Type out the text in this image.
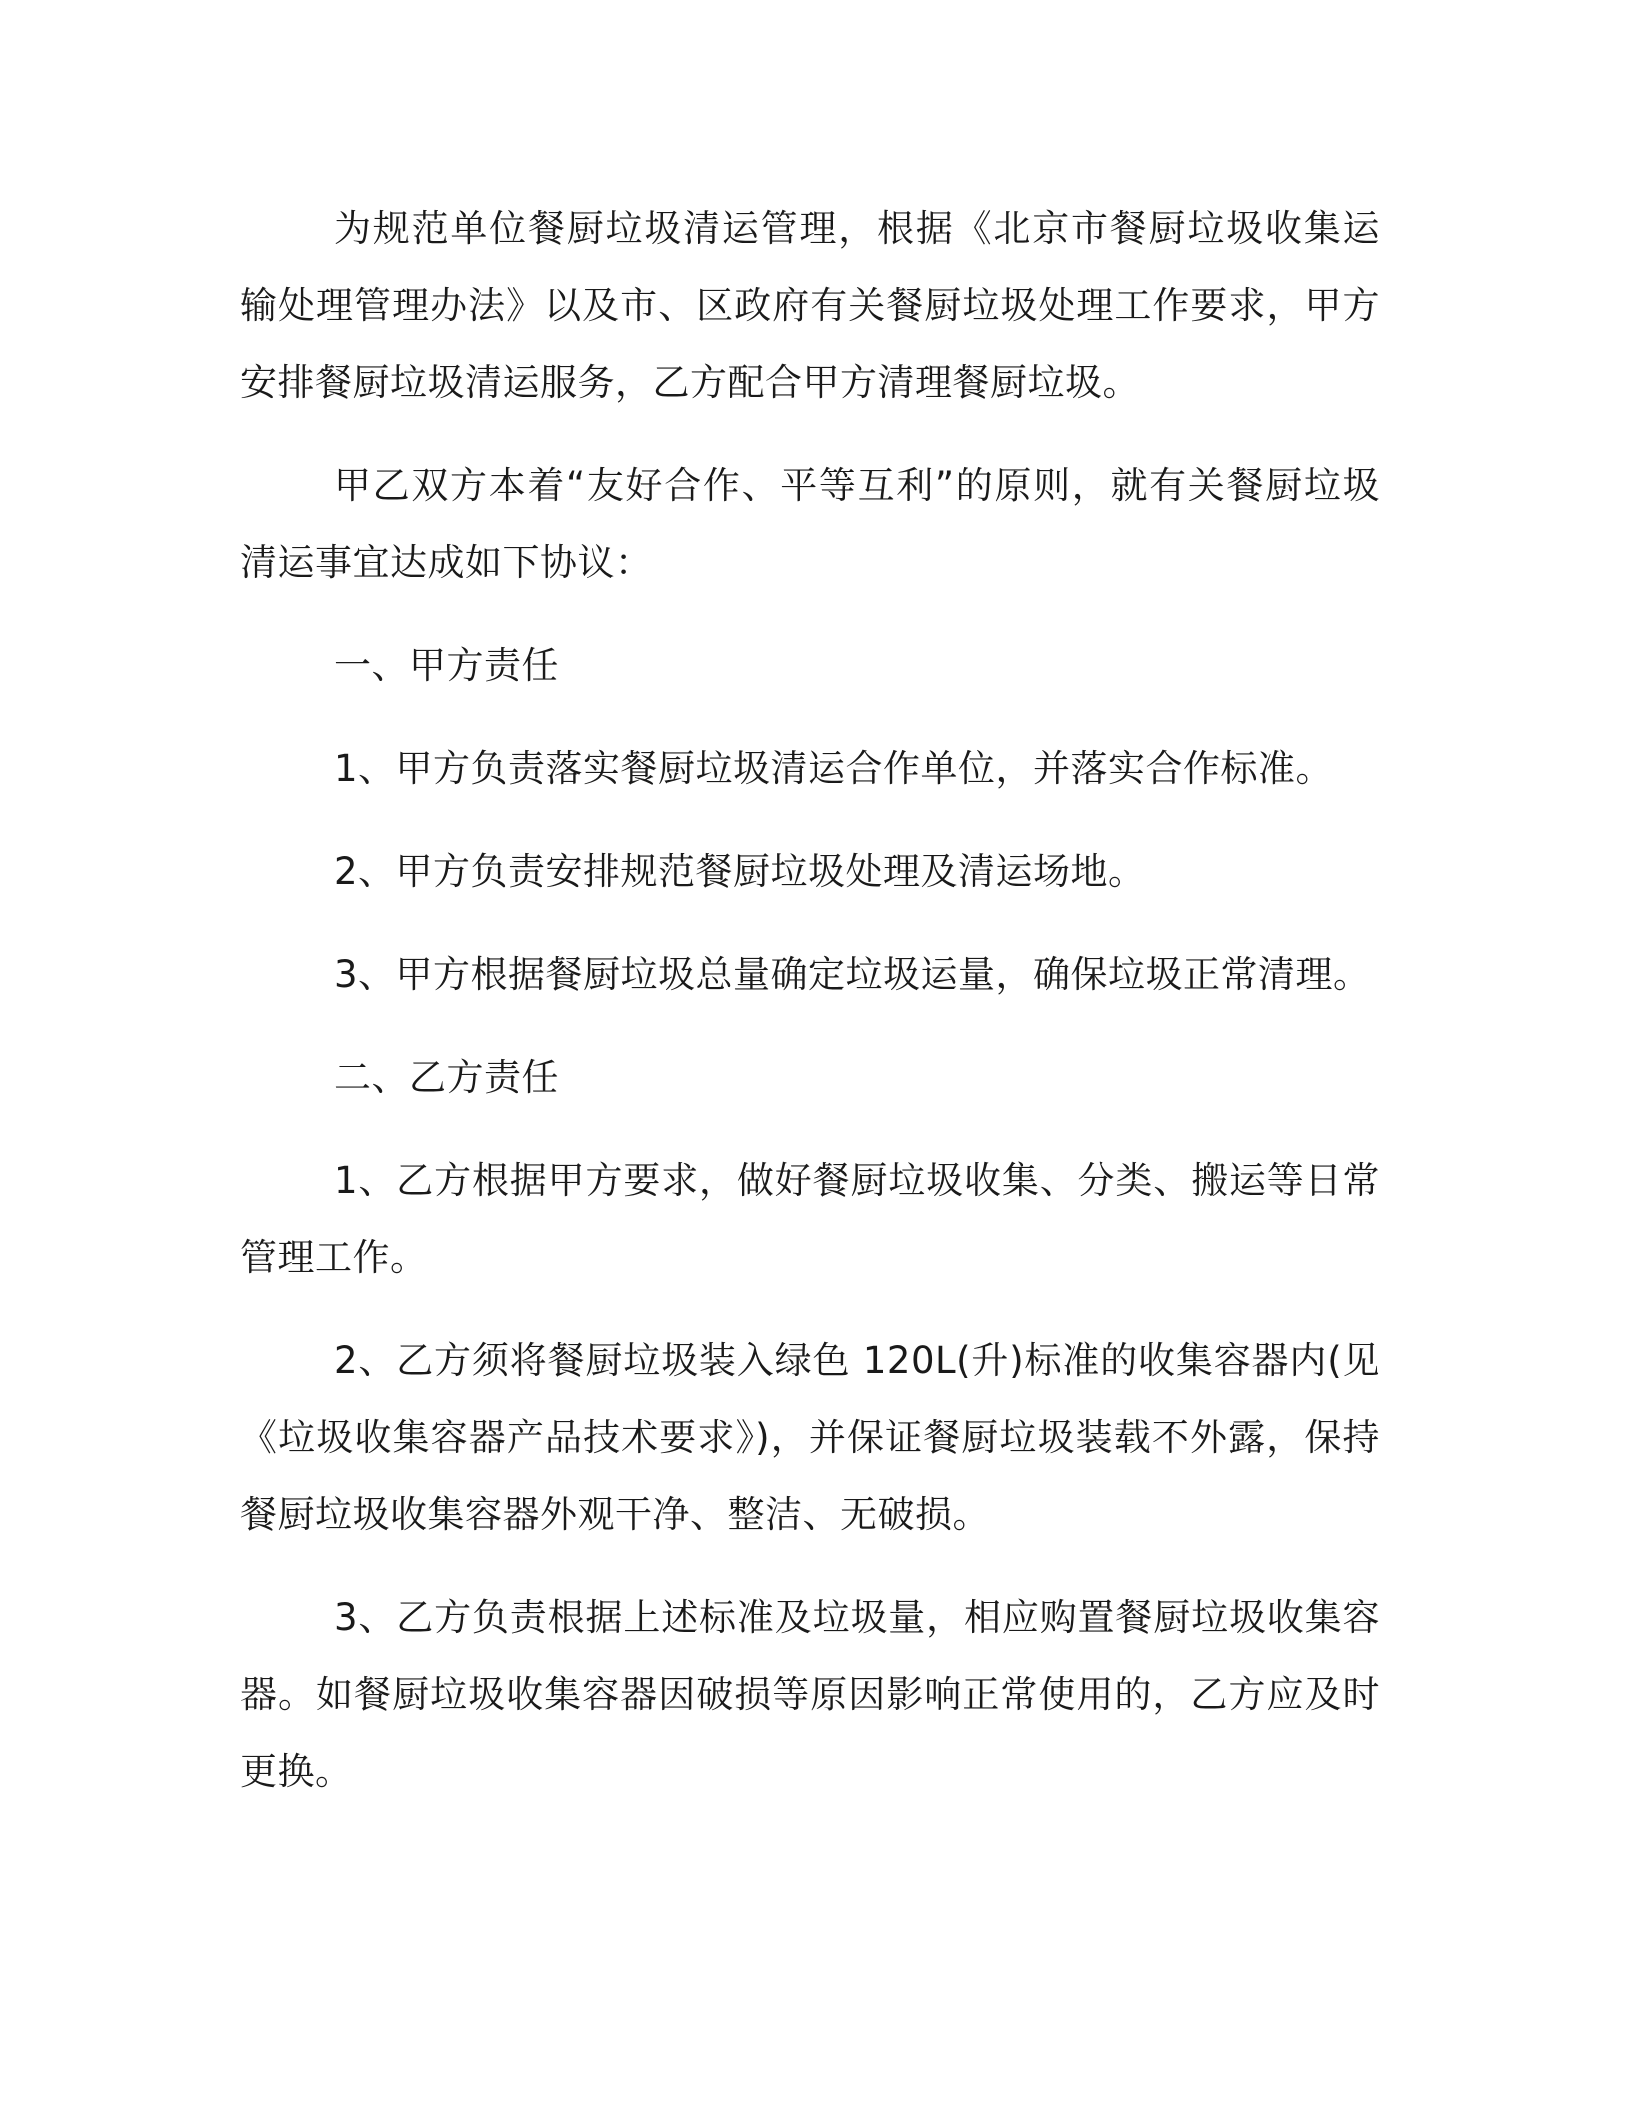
为规范单位餐厨垃圾清运管理，根据《北京市餐厨垃圾收集运输处理管理办法》以及市、区政府有关餐厨垃圾处理工作要求，甲方安排餐厨垃圾清运服务，乙方配合甲方清理餐厨垃圾。

甲乙双方本着“友好合作、平等互利”的原则，就有关餐厨垃圾清运事宜达成如下协议：

一、甲方责任

1、甲方负责落实餐厨垃圾清运合作单位，并落实合作标准。

2、甲方负责安排规范餐厨垃圾处理及清运场地。

3、甲方根据餐厨垃圾总量确定垃圾运量，确保垃圾正常清理。

二、乙方责任

1、乙方根据甲方要求，做好餐厨垃圾收集、分类、搬运等日常管理工作。

2、乙方须将餐厨垃圾装入绿色 120L(升)标准的收集容器内(见《垃圾收集容器产品技术要求》)，并保证餐厨垃圾装载不外露，保持餐厨垃圾收集容器外观干净、整洁、无破损。

3、乙方负责根据上述标准及垃圾量，相应购置餐厨垃圾收集容器。如餐厨垃圾收集容器因破损等原因影响正常使用的，乙方应及时更换。
